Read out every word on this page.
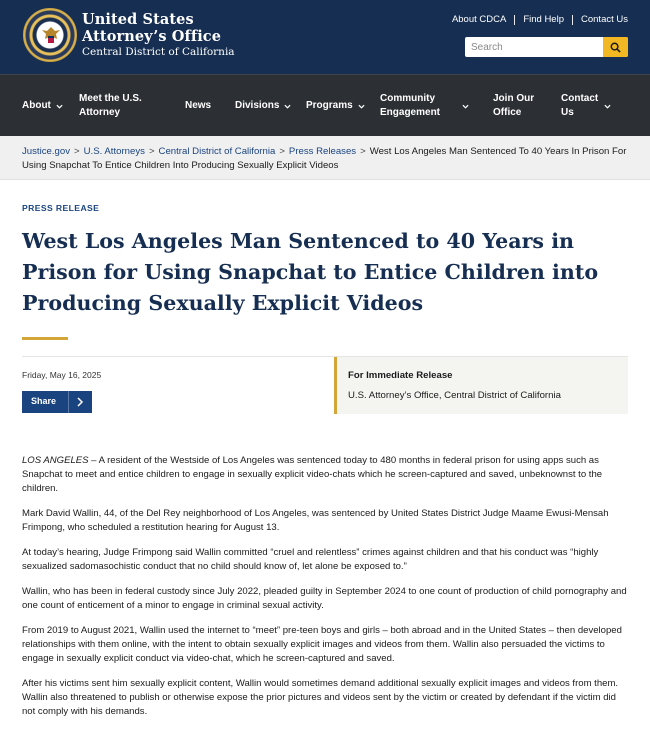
United States
Attorney’s Office
Central District of California
About CDCA Find Help Contact Us
Search
About
Meet the U.S. Attorney
News Divisions	Programs
Community Engagement
Join Our Office
Contact Us
Justice.gov > U.S. Attorneys > Central District of California > Press Releases > West Los Angeles Man Sentenced To 40 Years In Prison For Using Snapchat To Entice Children Into Producing Sexually Explicit Videos
PRESS RELEASE
West Los Angeles Man Sentenced to 40 Years in Prison for Using Snapchat to Entice Children into Producing Sexually Explicit Videos
Friday, May 16, 2025
Share
For Immediate Release
U.S. Attorney’s Office, Central District of California

LOS ANGELES – A resident of the Westside of Los Angeles was sentenced today to 480 months in federal prison for using apps such as Snapchat to meet and entice children to engage in sexually explicit video-chats which he screen-captured and saved, unbeknownst to the children.

Mark David Wallin, 44, of the Del Rey neighborhood of Los Angeles, was sentenced by United States District Judge Maame Ewusi-Mensah Frimpong, who scheduled a restitution hearing for August 13.

At today’s hearing, Judge Frimpong said Wallin committed “cruel and relentless” crimes against children and that his conduct was “highly sexualized sadomasochistic conduct that no child should know of, let alone be exposed to.”

Wallin, who has been in federal custody since July 2022, pleaded guilty in September 2024 to one count of production of child pornography and one count of enticement of a minor to engage in criminal sexual activity.

From 2019 to August 2021, Wallin used the internet to “meet” pre-teen boys and girls – both abroad and in the United States – then developed relationships with them online, with the intent to obtain sexually explicit images and videos from them. Wallin also persuaded the victims to engage in sexually explicit conduct via video-chat, which he screen-captured and saved.

After his victims sent him sexually explicit content, Wallin would sometimes demand additional sexually explicit images and videos from them. Wallin also threatened to publish or otherwise expose the prior pictures and videos sent by the victim or created by defendant if the victim did not comply with his demands.
